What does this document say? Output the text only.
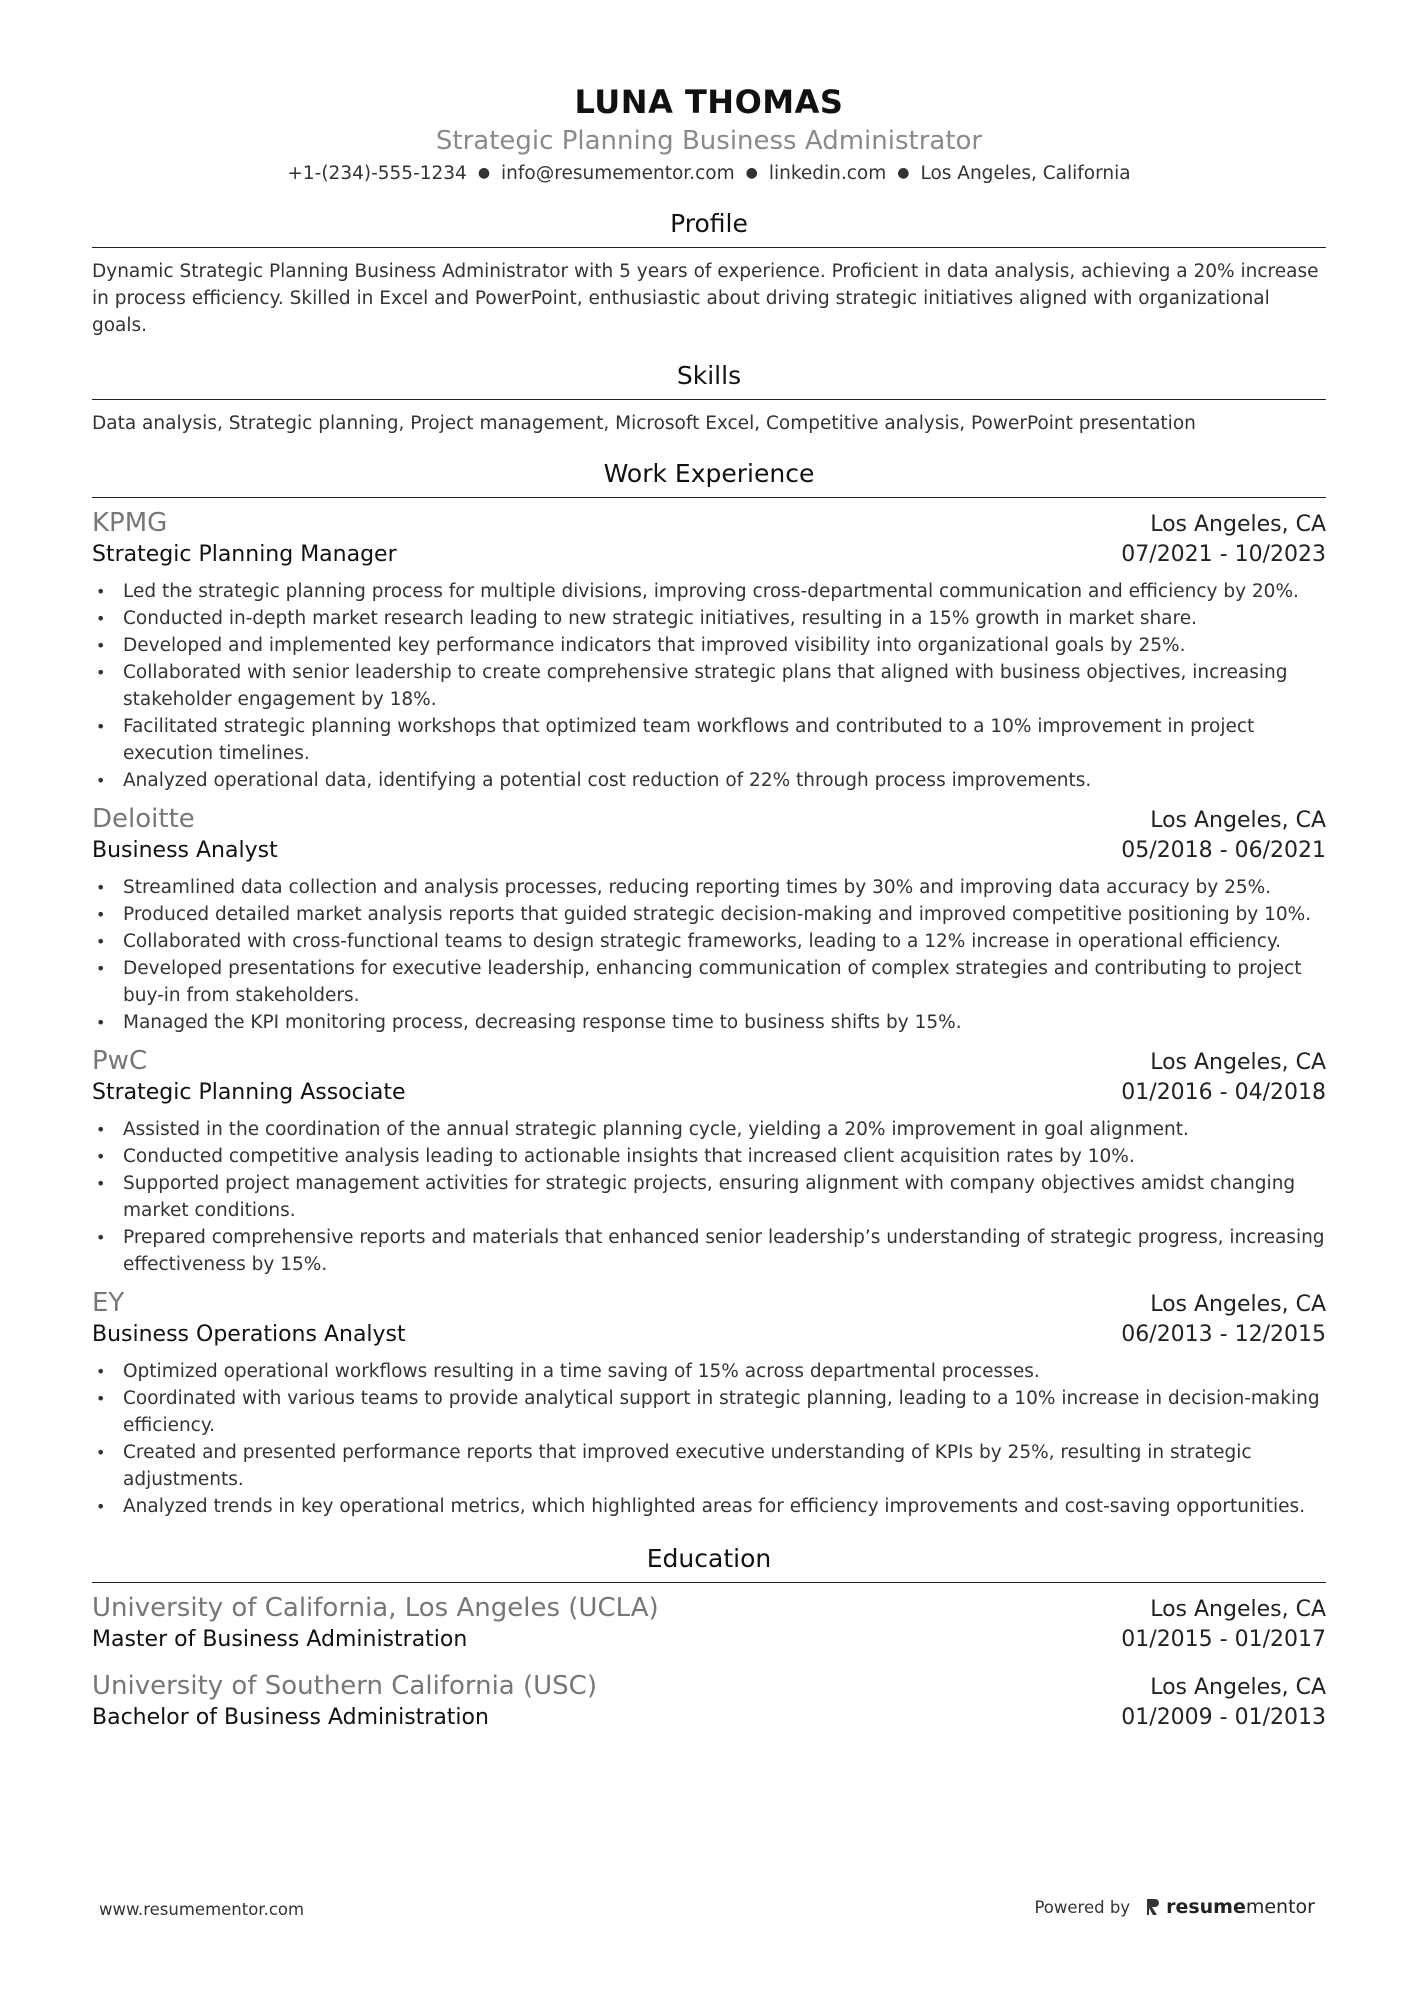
LUNA THOMAS
Strategic Planning Business Administrator
+1-(234)-555-1234 ● info@resumementor.com ● linkedin.com ● Los Angeles, California
Profile
Dynamic Strategic Planning Business Administrator with 5 years of experience. Proficient in data analysis, achieving a 20% increase in process efficiency. Skilled in Excel and PowerPoint, enthusiastic about driving strategic initiatives aligned with organizational goals.
Skills
Data analysis, Strategic planning, Project management, Microsoft Excel, Competitive analysis, PowerPoint presentation
Work Experience
KPMG	Los Angeles, CA
Strategic Planning Manager	07/2021 - 10/2023
• Led the strategic planning process for multiple divisions, improving cross-departmental communication and efficiency by 20%.
• Conducted in-depth market research leading to new strategic initiatives, resulting in a 15% growth in market share.
• Developed and implemented key performance indicators that improved visibility into organizational goals by 25%.
• Collaborated with senior leadership to create comprehensive strategic plans that aligned with business objectives, increasing stakeholder engagement by 18%.
• Facilitated strategic planning workshops that optimized team workflows and contributed to a 10% improvement in project execution timelines.
• Analyzed operational data, identifying a potential cost reduction of 22% through process improvements.
Deloitte	Los Angeles, CA
Business Analyst	05/2018 - 06/2021
• Streamlined data collection and analysis processes, reducing reporting times by 30% and improving data accuracy by 25%.
• Produced detailed market analysis reports that guided strategic decision-making and improved competitive positioning by 10%.
• Collaborated with cross-functional teams to design strategic frameworks, leading to a 12% increase in operational efficiency.
• Developed presentations for executive leadership, enhancing communication of complex strategies and contributing to project buy-in from stakeholders.
• Managed the KPI monitoring process, decreasing response time to business shifts by 15%.
PwC	Los Angeles, CA
Strategic Planning Associate	01/2016 - 04/2018
• Assisted in the coordination of the annual strategic planning cycle, yielding a 20% improvement in goal alignment.
• Conducted competitive analysis leading to actionable insights that increased client acquisition rates by 10%.
• Supported project management activities for strategic projects, ensuring alignment with company objectives amidst changing market conditions.
• Prepared comprehensive reports and materials that enhanced senior leadership’s understanding of strategic progress, increasing effectiveness by 15%.
EY	Los Angeles, CA
Business Operations Analyst	06/2013 - 12/2015
• Optimized operational workflows resulting in a time saving of 15% across departmental processes.
• Coordinated with various teams to provide analytical support in strategic planning, leading to a 10% increase in decision-making efficiency.
• Created and presented performance reports that improved executive understanding of KPIs by 25%, resulting in strategic adjustments.
• Analyzed trends in key operational metrics, which highlighted areas for efficiency improvements and cost-saving opportunities.
Education
University of California, Los Angeles (UCLA)	Los Angeles, CA
Master of Business Administration	01/2015 - 01/2017
University of Southern California (USC)	Los Angeles, CA
Bachelor of Business Administration	01/2009 - 01/2013
www.resumementor.com	Powered by resumementor
